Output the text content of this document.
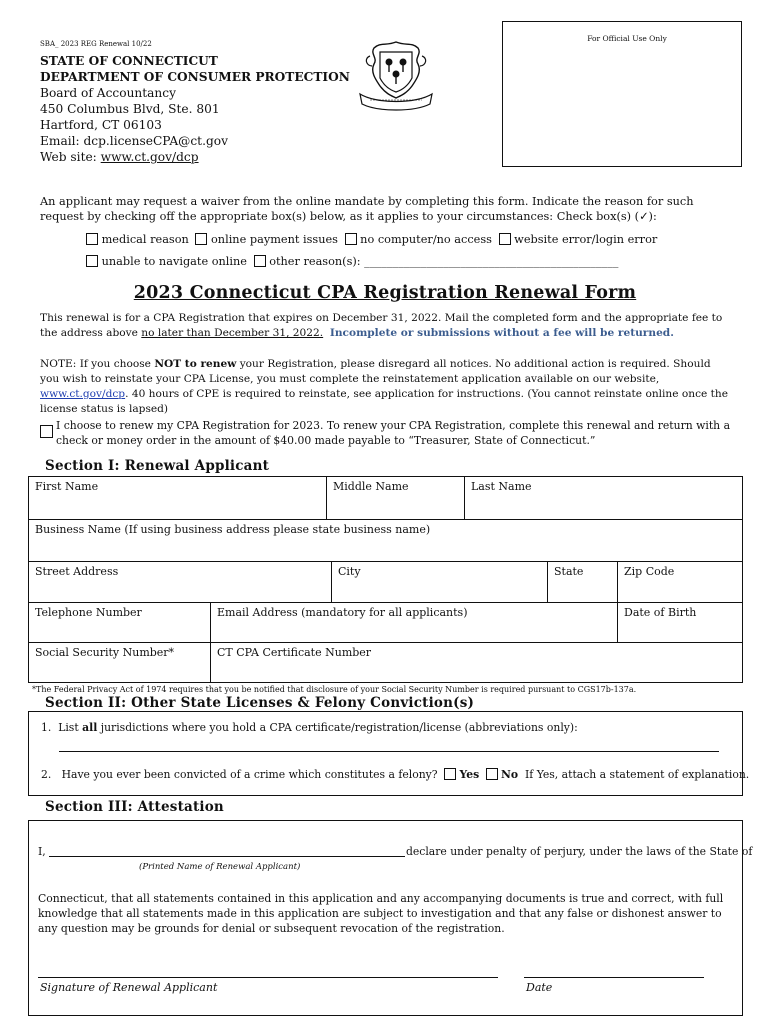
SBA_ 2023 REG Renewal 10/22
STATE OF CONNECTICUT
DEPARTMENT OF CONSUMER PROTECTION
Board of Accountancy
450 Columbus Blvd, Ste. 801
Hartford, CT 06103
Email: dcp.licenseCPA@ct.gov
Web site: www.ct.gov/dcp
For Official Use Only
An applicant may request a waiver from the online mandate by completing this form. Indicate the reason for such request by checking off the appropriate box(s) below, as it applies to your circumstances: Check box(s) (✓):
medical reason online payment issues no computer/no access website error/login error
unable to navigate online other reason(s): _____________________________________________
2023 Connecticut CPA Registration Renewal Form
This renewal is for a CPA Registration that expires on December 31, 2022. Mail the completed form and the appropriate fee to the address above no later than December 31, 2022. Incomplete or submissions without a fee will be returned.
NOTE: If you choose NOT to renew your Registration, please disregard all notices. No additional action is required. Should you wish to reinstate your CPA License, you must complete the reinstatement application available on our website, www.ct.gov/dcp. 40 hours of CPE is required to reinstate, see application for instructions. (You cannot reinstate online once the license status is lapsed)
I choose to renew my CPA Registration for 2023. To renew your CPA Registration, complete this renewal and return with a check or money order in the amount of $40.00 made payable to “Treasurer, State of Connecticut.”
Section I: Renewal Applicant
First Name	Middle Name	Last Name
Business Name (If using business address please state business name)
Street Address	City	State	Zip Code
Telephone Number	Email Address (mandatory for all applicants)	Date of Birth
Social Security Number*	CT CPA Certificate Number
*The Federal Privacy Act of 1974 requires that you be notified that disclosure of your Social Security Number is required pursuant to CGS17b-137a.
Section II: Other State Licenses & Felony Conviction(s)
1. List all jurisdictions where you hold a CPA certificate/registration/license (abbreviations only):
2. Have you ever been convicted of a crime which constitutes a felony? Yes No If Yes, attach a statement of explanation.
Section III: Attestation
I,	declare under penalty of perjury, under the laws of the State of
(Printed Name of Renewal Applicant)
Connecticut, that all statements contained in this application and any accompanying documents is true and correct, with full knowledge that all statements made in this application are subject to investigation and that any false or dishonest answer to any question may be grounds for denial or subsequent revocation of the registration.
Signature of Renewal Applicant	Date
